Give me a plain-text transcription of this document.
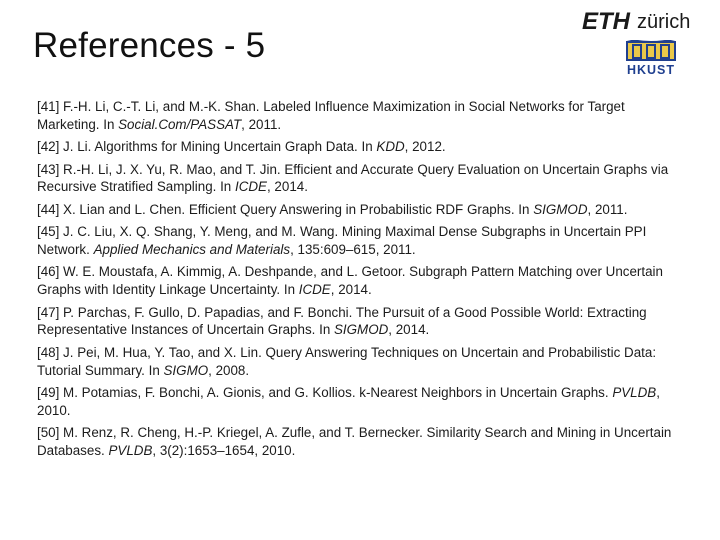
References - 5
ETH zürich
HKUST

[41] F.-H. Li, C.-T. Li, and M.-K. Shan. Labeled Influence Maximization in Social Networks for Target Marketing. In Social.Com/PASSAT, 2011.

[42] J. Li. Algorithms for Mining Uncertain Graph Data. In KDD, 2012.

[43] R.-H. Li, J. X. Yu, R. Mao, and T. Jin. Efficient and Accurate Query Evaluation on Uncertain Graphs via Recursive Stratified Sampling. In ICDE, 2014.

[44] X. Lian and L. Chen. Efficient Query Answering in Probabilistic RDF Graphs. In SIGMOD, 2011.

[45] J. C. Liu, X. Q. Shang, Y. Meng, and M. Wang. Mining Maximal Dense Subgraphs in Uncertain PPI Network. Applied Mechanics and Materials, 135:609–615, 2011.

[46] W. E. Moustafa, A. Kimmig, A. Deshpande, and L. Getoor. Subgraph Pattern Matching over Uncertain Graphs with Identity Linkage Uncertainty. In ICDE, 2014.

[47] P. Parchas, F. Gullo, D. Papadias, and F. Bonchi. The Pursuit of a Good Possible World: Extracting Representative Instances of Uncertain Graphs. In SIGMOD, 2014.

[48] J. Pei, M. Hua, Y. Tao, and X. Lin. Query Answering Techniques on Uncertain and Probabilistic Data: Tutorial Summary. In SIGMO, 2008.

[49] M. Potamias, F. Bonchi, A. Gionis, and G. Kollios. k-Nearest Neighbors in Uncertain Graphs. PVLDB, 2010.

[50] M. Renz, R. Cheng, H.-P. Kriegel, A. Zufle, and T. Bernecker. Similarity Search and Mining in Uncertain Databases. PVLDB, 3(2):1653–1654, 2010.
